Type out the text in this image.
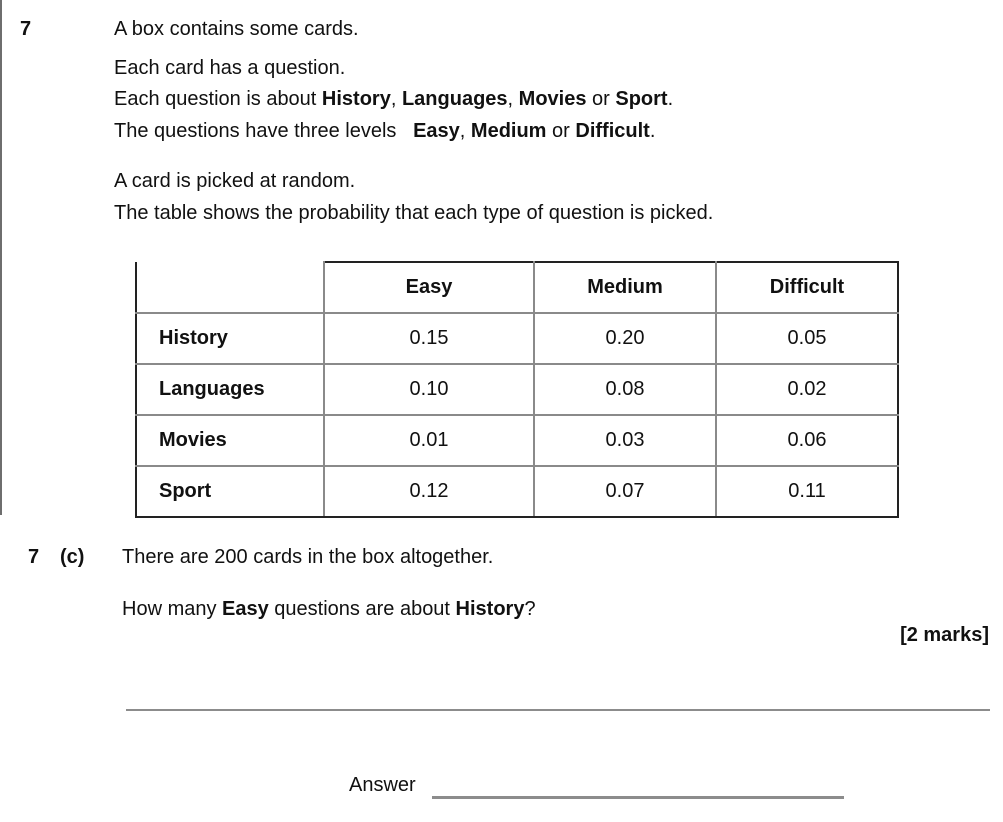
7	A box contains some cards.
Each card has a question.
Each question is about History, Languages, Movies or Sport.
The questions have three levels   Easy, Medium or Difficult.
A card is picked at random.
The table shows the probability that each type of question is picked.
	Easy	Medium	Difficult
History	0.15	0.20	0.05
Languages	0.10	0.08	0.02
Movies	0.01	0.03	0.06
Sport	0.12	0.07	0.11
7 (c) There are 200 cards in the box altogether.
How many Easy questions are about History?
[2 marks]
Answer
